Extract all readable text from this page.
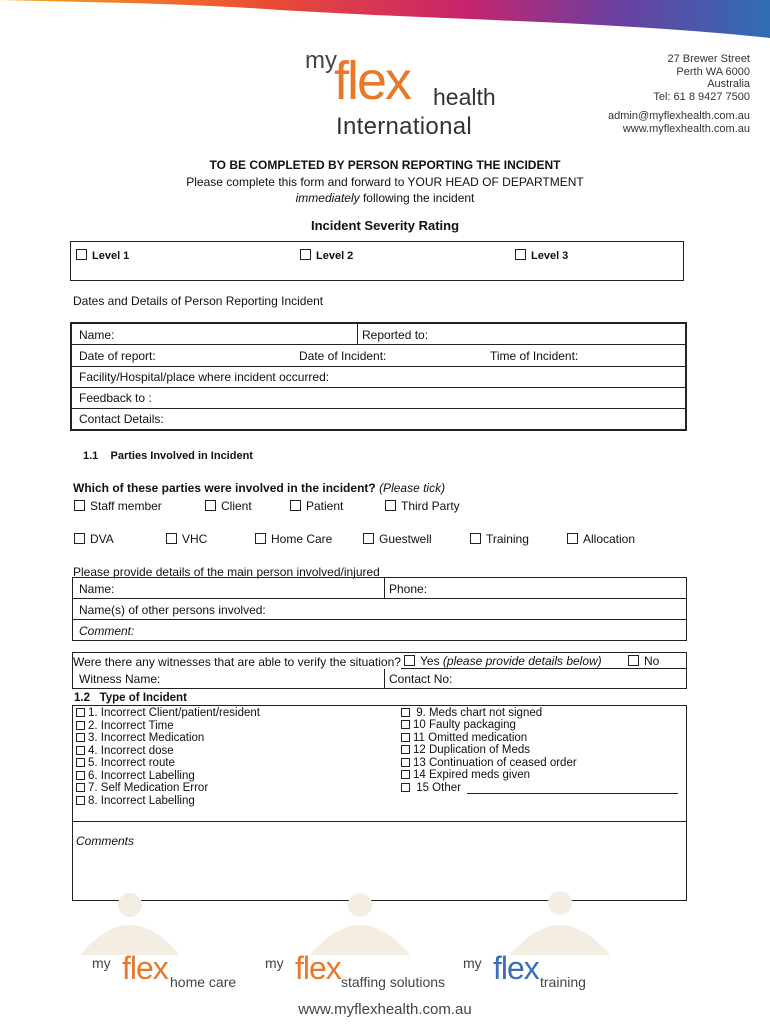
my
flex health
International
27 Brewer Street
Perth WA 6000
Australia
Tel: 61 8 9427 7500
admin@myflexhealth.com.au
www.myflexhealth.com.au
TO BE COMPLETED BY PERSON REPORTING THE INCIDENT
Please complete this form and forward to YOUR HEAD OF DEPARTMENT
immediately following the incident
Incident Severity Rating
Level 1	Level 2	Level 3
Dates and Details of Person Reporting Incident
Name:	Reported to:
Date of report:	Date of Incident:	Time of Incident:
Facility/Hospital/place where incident occurred:
Feedback to :
Contact Details:
1.1 Parties Involved in Incident
Which of these parties were involved in the incident? (Please tick)
Staff member	Client	Patient	Third Party
DVA	VHC	Home Care	Guestwell	Training	Allocation
Please provide details of the main person involved/injured
Name:	Phone:
Name(s) of other persons involved:
Comment:
Were there any witnesses that are able to verify the situation?	Yes (please provide details below)	No
Witness Name:	Contact No:
1.2 Type of Incident
1. Incorrect Client/patient/resident
2. Incorrect Time
3. Incorrect Medication
4. Incorrect dose
5. Incorrect route
6. Incorrect Labelling
7. Self Medication Error
8. Incorrect Labelling
9. Meds chart not signed
10 Faulty packaging
11 Omitted medication
12 Duplication of Meds
13 Continuation of ceased order
14 Expired meds given
15 Other
Comments
my flex home care
my flex staffing solutions
my flex training
www.myflexhealth.com.au
